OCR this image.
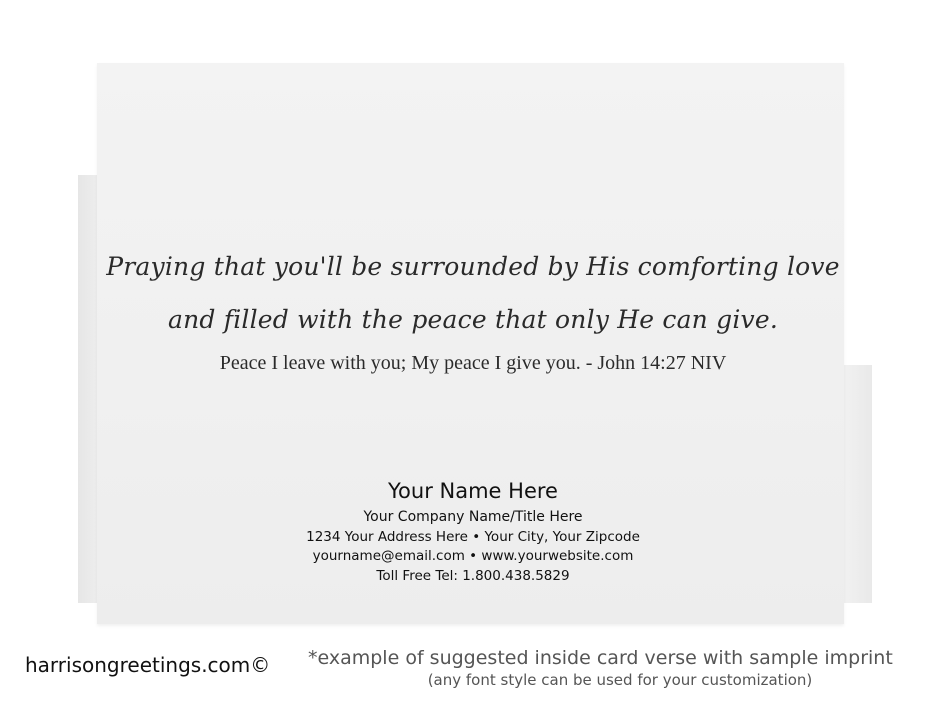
Praying that you'll be surrounded by His comforting love
and filled with the peace that only He can give.
Peace I leave with you; My peace I give you. - John 14:27 NIV
Your Name Here
Your Company Name/Title Here
1234 Your Address Here • Your City, Your Zipcode
yourname@email.com • www.yourwebsite.com
Toll Free Tel: 1.800.438.5829
harrisongreetings.com© *example of suggested inside card verse with sample imprint
(any font style can be used for your customization)
